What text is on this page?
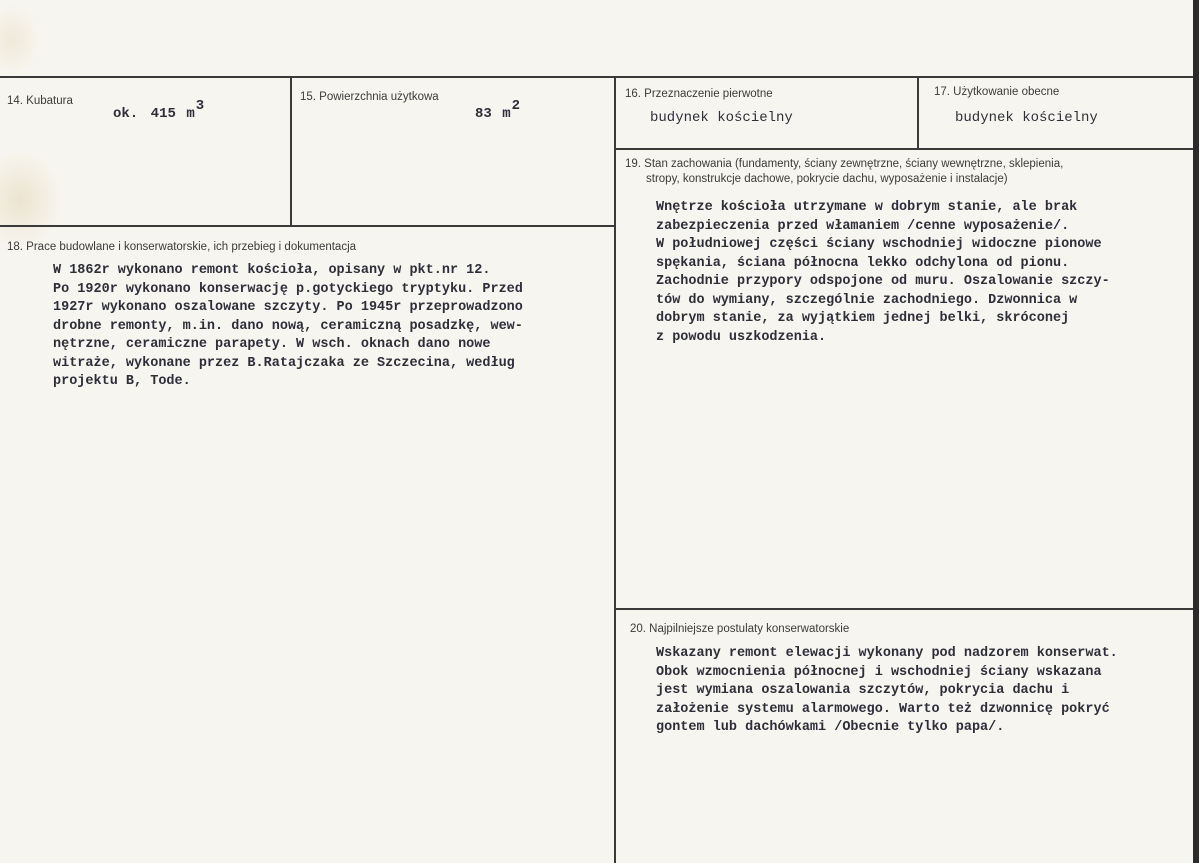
14. Kubatura
ok. 415 m3
15. Powierzchnia użytkowa
83 m2
16. Przeznaczenie pierwotne
budynek kościelny
17. Użytkowanie obecne
budynek kościelny
18. Prace budowlane i konserwatorskie, ich przebieg i dokumentacja
W 1862r wykonano remont kościoła, opisany w pkt.nr 12.
Po 1920r wykonano konserwację p.gotyckiego tryptyku. Przed
1927r wykonano oszalowane szczyty. Po 1945r przeprowadzono
drobne remonty, m.in. dano nową, ceramiczną posadzkę, wew-
nętrzne, ceramiczne parapety. W wsch. oknach dano nowe
witraże, wykonane przez B.Ratajczaka ze Szczecina, według
projektu B, Tode.
19. Stan zachowania (fundamenty, ściany zewnętrzne, ściany wewnętrzne, sklepienia,
stropy, konstrukcje dachowe, pokrycie dachu, wyposażenie i instalacje)
Wnętrze kościoła utrzymane w dobrym stanie, ale brak
zabezpieczenia przed włamaniem /cenne wyposażenie/.
W południowej części ściany wschodniej widoczne pionowe
spękania, ściana północna lekko odchylona od pionu.
Zachodnie przypory odspojone od muru. Oszalowanie szczy-
tów do wymiany, szczególnie zachodniego. Dzwonnica w
dobrym stanie, za wyjątkiem jednej belki, skróconej
z powodu uszkodzenia.
20. Najpilniejsze postulaty konserwatorskie
Wskazany remont elewacji wykonany pod nadzorem konserwat.
Obok wzmocnienia północnej i wschodniej ściany wskazana
jest wymiana oszalowania szczytów, pokrycia dachu i
założenie systemu alarmowego. Warto też dzwonnicę pokryć
gontem lub dachówkami /Obecnie tylko papa/.
